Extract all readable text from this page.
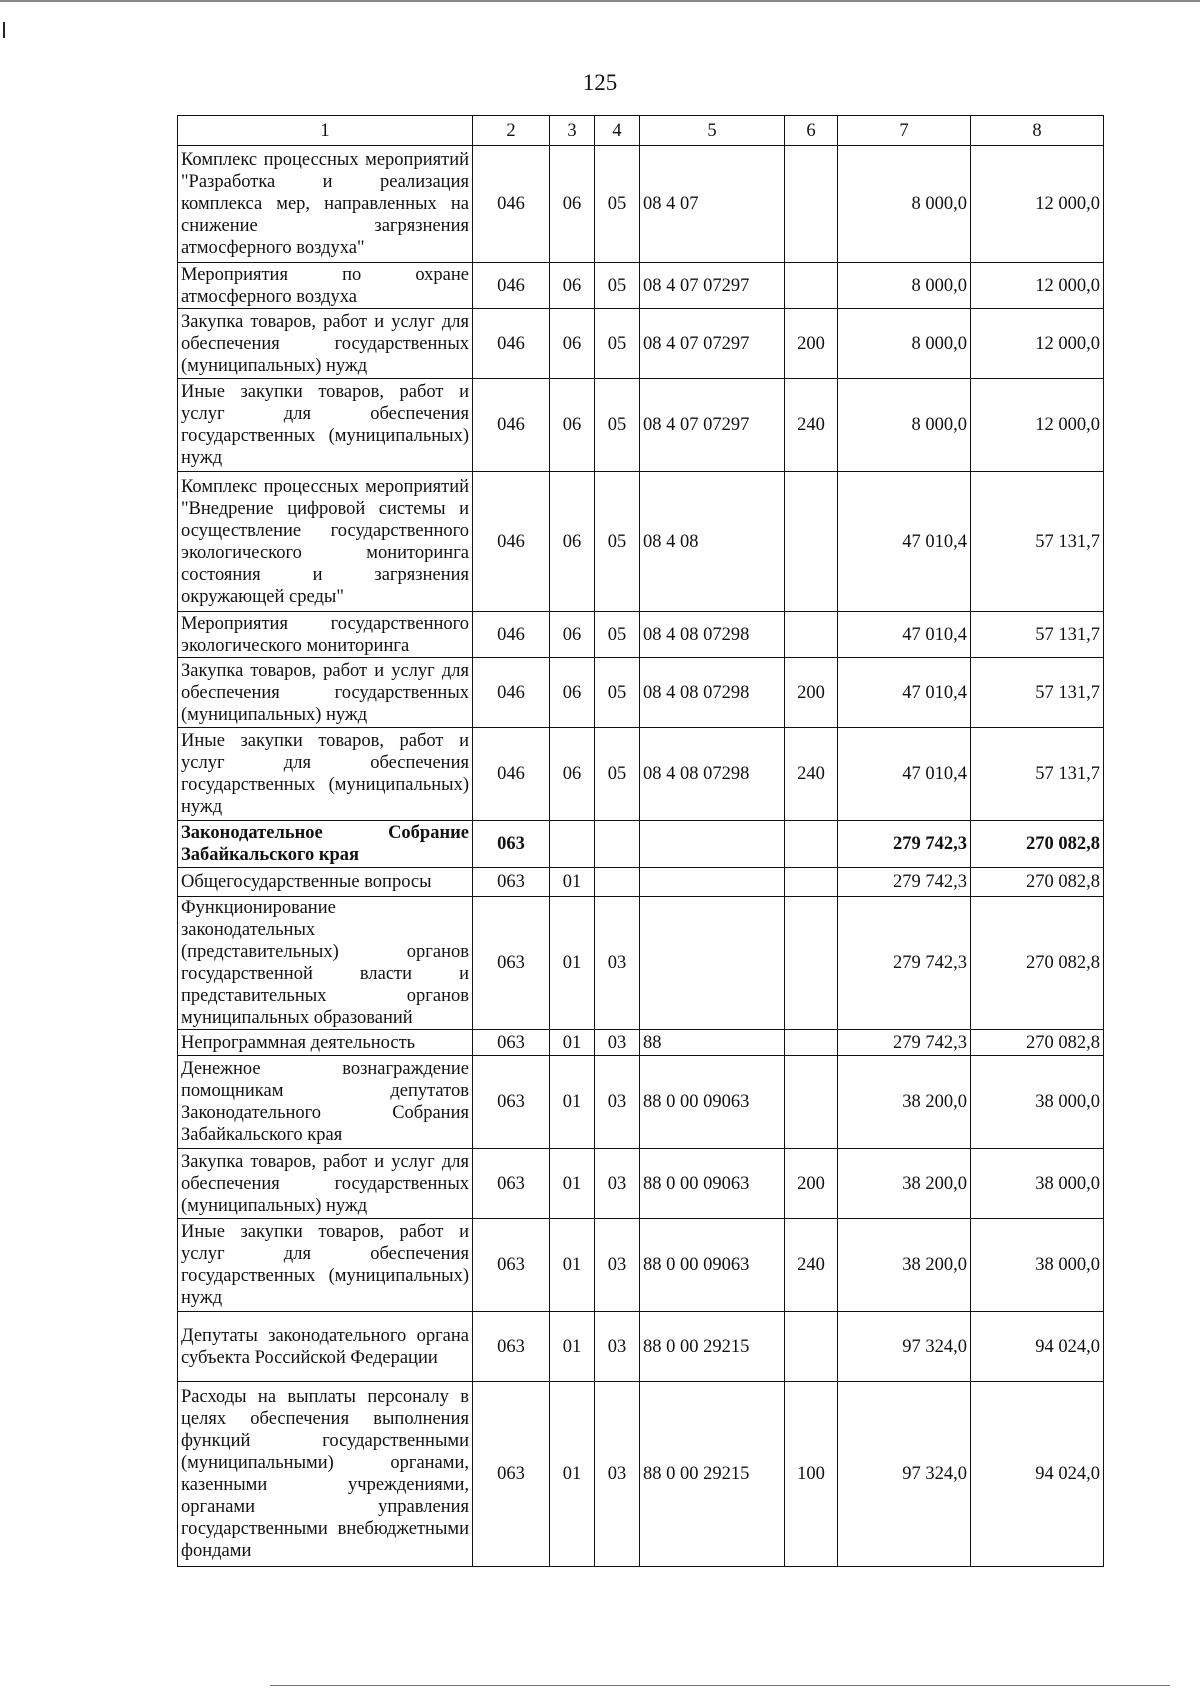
125
1	2	3	4	5	6	7	8
Комплекс процессных мероприятий "Разработка и реализация комплекса мер, направленных на снижение загрязнения атмосферного воздуха"	046	06	05	08 4 07		8 000,0	12 000,0
Мероприятия по охране атмосферного воздуха	046	06	05	08 4 07 07297		8 000,0	12 000,0
Закупка товаров, работ и услуг для обеспечения государственных (муниципальных) нужд	046	06	05	08 4 07 07297	200	8 000,0	12 000,0
Иные закупки товаров, работ и услуг для обеспечения государственных (муниципальных) нужд	046	06	05	08 4 07 07297	240	8 000,0	12 000,0
Комплекс процессных мероприятий "Внедрение цифровой системы и осуществление государственного экологического мониторинга состояния и загрязнения окружающей среды"	046	06	05	08 4 08		47 010,4	57 131,7
Мероприятия государственного экологического мониторинга	046	06	05	08 4 08 07298		47 010,4	57 131,7
Закупка товаров, работ и услуг для обеспечения государственных (муниципальных) нужд	046	06	05	08 4 08 07298	200	47 010,4	57 131,7
Иные закупки товаров, работ и услуг для обеспечения государственных (муниципальных) нужд	046	06	05	08 4 08 07298	240	47 010,4	57 131,7
Законодательное Собрание Забайкальского края	063					279 742,3	270 082,8
Общегосударственные вопросы	063	01				279 742,3	270 082,8
Функционирование законодательных (представительных) органов государственной власти и представительных органов муниципальных образований	063	01	03			279 742,3	270 082,8
Непрограммная деятельность	063	01	03	88		279 742,3	270 082,8
Денежное вознаграждение помощникам депутатов Законодательного Собрания Забайкальского края	063	01	03	88 0 00 09063		38 200,0	38 000,0
Закупка товаров, работ и услуг для обеспечения государственных (муниципальных) нужд	063	01	03	88 0 00 09063	200	38 200,0	38 000,0
Иные закупки товаров, работ и услуг для обеспечения государственных (муниципальных) нужд	063	01	03	88 0 00 09063	240	38 200,0	38 000,0
Депутаты законодательного органа субъекта Российской Федерации	063	01	03	88 0 00 29215		97 324,0	94 024,0
Расходы на выплаты персоналу в целях обеспечения выполнения функций государственными (муниципальными) органами, казенными учреждениями, органами управления государственными внебюджетными фондами	063	01	03	88 0 00 29215	100	97 324,0	94 024,0
